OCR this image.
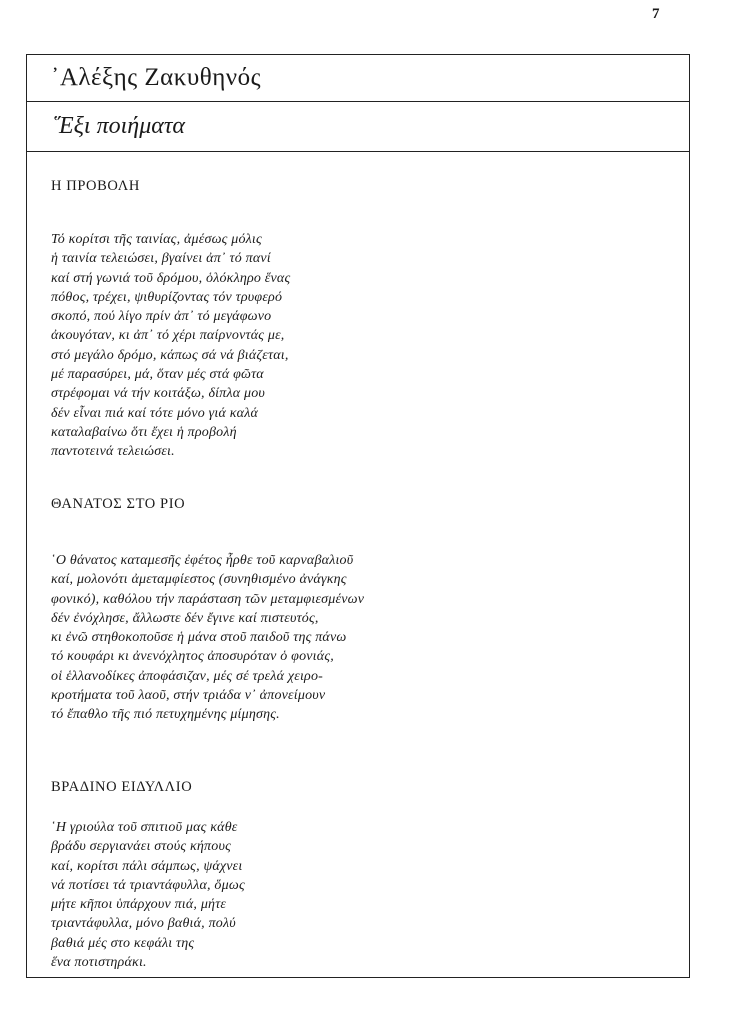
7
᾿Αλέξης Ζακυθηνός
῞Εξι ποιήματα
Η ΠΡΟΒΟΛΗ
Τό κορίτσι τῆς ταινίας, ἀμέσως μόλις
ἡ ταινία τελειώσει, βγαίνει ἀπ᾿ τό πανί
καί στή γωνιά τοῦ δρόμου, ὁλόκληρο ἕνας
πόθος, τρέχει, ψιθυρίζοντας τόν τρυφερό
σκοπό, πού λίγο πρίν ἀπ᾿ τό μεγάφωνο
ἀκουγόταν, κι ἀπ᾿ τό χέρι παίρνοντάς με,
στό μεγάλο δρόμο, κάπως σά νά βιάζεται,
μέ παρασύρει, μά, ὅταν μές στά φῶτα
στρέφομαι νά τήν κοιτάξω, δίπλα μου
δέν εἶναι πιά καί τότε μόνο γιά καλά
καταλαβαίνω ὅτι ἔχει ἡ προβολή
παντοτεινά τελειώσει.
ΘΑΝΑΤΟΣ ΣΤΟ ΡΙΟ
῾Ο θάνατος καταμεσῆς ἐφέτος ἦρθε τοῦ καρναβαλιοῦ
καί, μολονότι ἀμεταμφίεστος (συνηθισμένο ἀνάγκης
φονικό), καθόλου τήν παράσταση τῶν μεταμφιεσμένων
δέν ἐνόχλησε, ἄλλωστε δέν ἔγινε καί πιστευτός,
κι ἐνῶ στηθοκοποῦσε ἡ μάνα στοῦ παιδοῦ της πάνω
τό κουφάρι κι ἀνενόχλητος ἀποσυρόταν ὁ φονιάς,
οἱ ἑλλανοδίκες ἀποφάσιζαν, μές σέ τρελά χειρο-
κροτήματα τοῦ λαοῦ, στήν τριάδα ν᾿ ἀπονείμουν
τό ἔπαθλο τῆς πιό πετυχημένης μίμησης.
ΒΡΑΔΙΝΟ ΕΙΔΥΛΛΙΟ
῾Η γριούλα τοῦ σπιτιοῦ μας κάθε
βράδυ σεργιανάει στούς κήπους
καί, κορίτσι πάλι σάμπως, ψάχνει
νά ποτίσει τά τριαντάφυλλα, ὅμως
μήτε κῆποι ὑπάρχουν πιά, μήτε
τριαντάφυλλα, μόνο βαθιά, πολύ
βαθιά μές στο κεφάλι της
ἕνα ποτιστηράκι.
